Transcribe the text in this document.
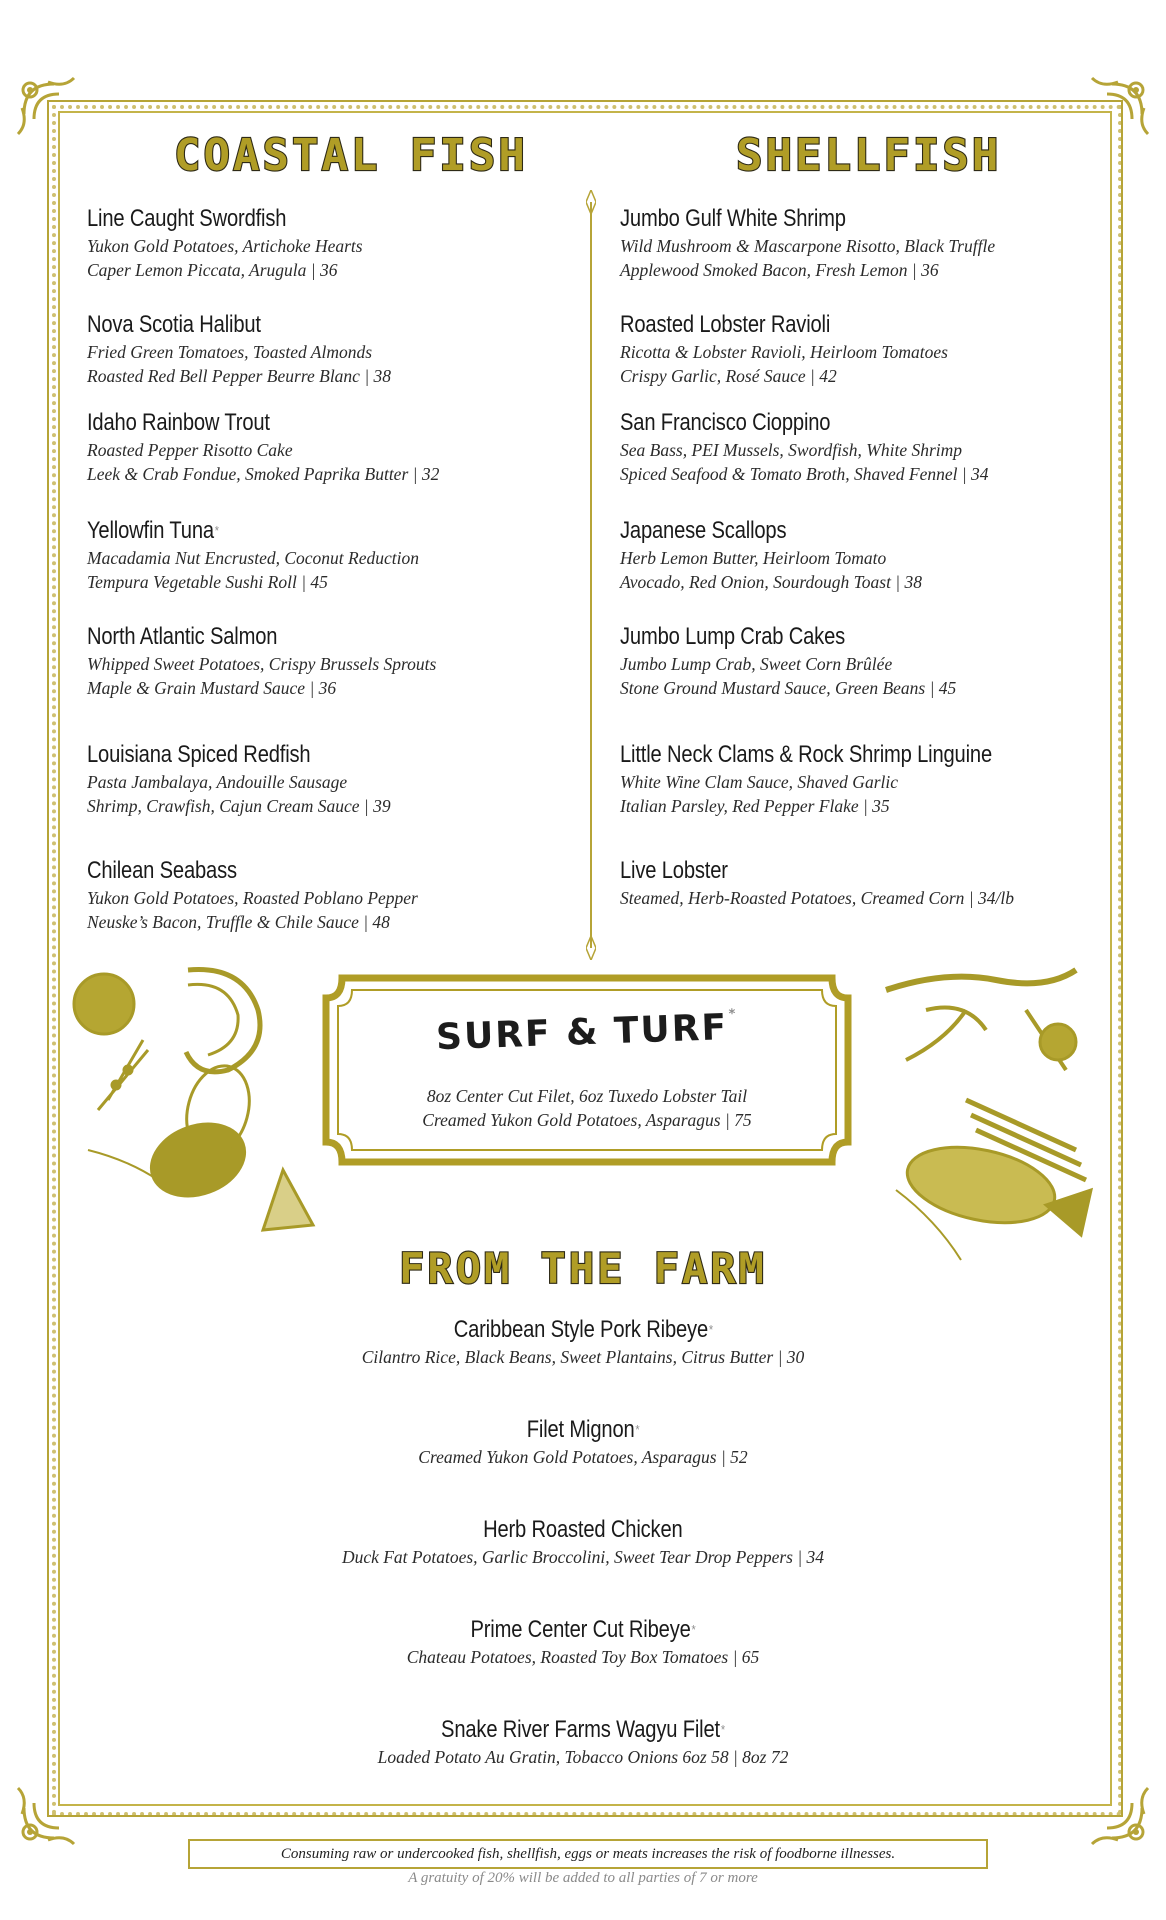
COASTAL FISH	SHELLFISH
Line Caught Swordfish
Yukon Gold Potatoes, Artichoke Hearts
Caper Lemon Piccata, Arugula | 36
Nova Scotia Halibut
Fried Green Tomatoes, Toasted Almonds
Roasted Red Bell Pepper Beurre Blanc | 38
Idaho Rainbow Trout
Roasted Pepper Risotto Cake
Leek & Crab Fondue, Smoked Paprika Butter | 32
Yellowfin Tuna*
Macadamia Nut Encrusted, Coconut Reduction
Tempura Vegetable Sushi Roll | 45
North Atlantic Salmon
Whipped Sweet Potatoes, Crispy Brussels Sprouts
Maple & Grain Mustard Sauce | 36
Louisiana Spiced Redfish
Pasta Jambalaya, Andouille Sausage
Shrimp, Crawfish, Cajun Cream Sauce | 39
Chilean Seabass
Yukon Gold Potatoes, Roasted Poblano Pepper
Neuske’s Bacon, Truffle & Chile Sauce | 48
Jumbo Gulf White Shrimp
Wild Mushroom & Mascarpone Risotto, Black Truffle
Applewood Smoked Bacon, Fresh Lemon | 36
Roasted Lobster Ravioli
Ricotta & Lobster Ravioli, Heirloom Tomatoes
Crispy Garlic, Rosé Sauce | 42
San Francisco Cioppino
Sea Bass, PEI Mussels, Swordfish, White Shrimp
Spiced Seafood & Tomato Broth, Shaved Fennel | 34
Japanese Scallops
Herb Lemon Butter, Heirloom Tomato
Avocado, Red Onion, Sourdough Toast | 38
Jumbo Lump Crab Cakes
Jumbo Lump Crab, Sweet Corn Brûlée
Stone Ground Mustard Sauce, Green Beans | 45
Little Neck Clams & Rock Shrimp Linguine
White Wine Clam Sauce, Shaved Garlic
Italian Parsley, Red Pepper Flake | 35
Live Lobster
Steamed, Herb-Roasted Potatoes, Creamed Corn | 34/lb
SURF & TURF*
8oz Center Cut Filet, 6oz Tuxedo Lobster Tail
Creamed Yukon Gold Potatoes, Asparagus | 75
FROM THE FARM
Caribbean Style Pork Ribeye*
Cilantro Rice, Black Beans, Sweet Plantains, Citrus Butter | 30
Filet Mignon*
Creamed Yukon Gold Potatoes, Asparagus | 52
Herb Roasted Chicken
Duck Fat Potatoes, Garlic Broccolini, Sweet Tear Drop Peppers | 34
Prime Center Cut Ribeye*
Chateau Potatoes, Roasted Toy Box Tomatoes | 65
Snake River Farms Wagyu Filet*
Loaded Potato Au Gratin, Tobacco Onions 6oz 58 | 8oz 72
Consuming raw or undercooked fish, shellfish, eggs or meats increases the risk of foodborne illnesses.
A gratuity of 20% will be added to all parties of 7 or more
